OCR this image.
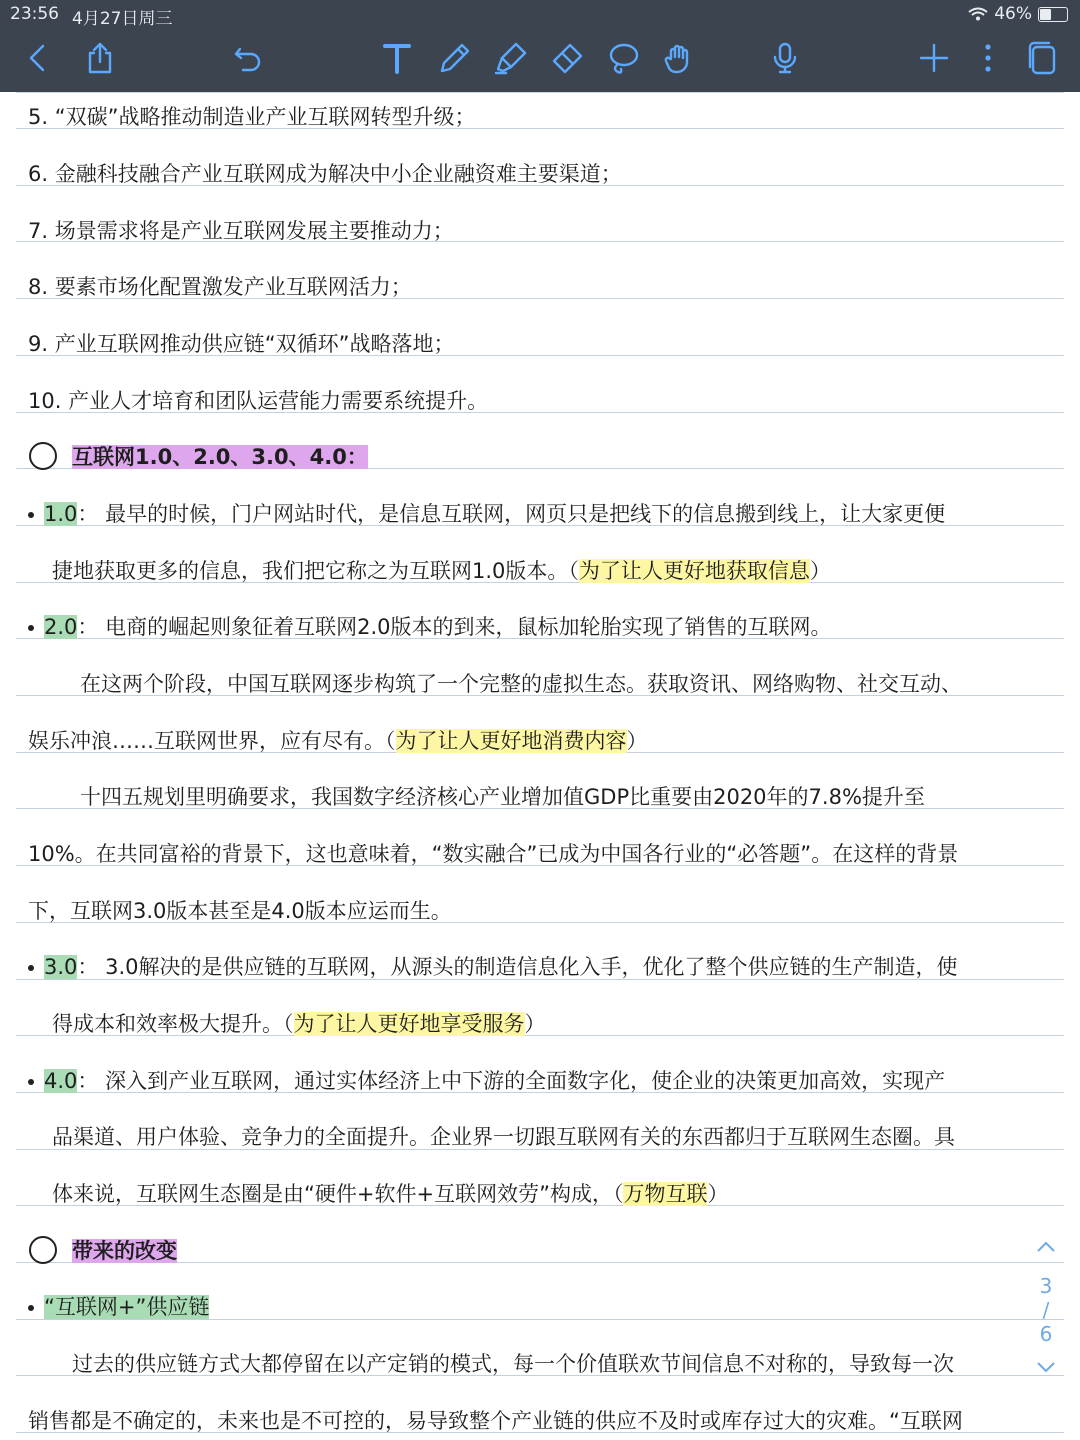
23:56 4月27日周三	46%
5. “双碳”战略推动制造业产业互联网转型升级；
6. 金融科技融合产业互联网成为解决中小企业融资难主要渠道；
7. 场景需求将是产业互联网发展主要推动力；
8. 要素市场化配置激发产业互联网活力；
9. 产业互联网推动供应链“双循环”战略落地；
10. 产业人才培育和团队运营能力需要系统提升。
互联网1.0、2.0、3.0、4.0：
1.0： 最早的时候，门户网站时代，是信息互联网，网页只是把线下的信息搬到线上，让大家更便
捷地获取更多的信息，我们把它称之为互联网1.0版本。（为了让人更好地获取信息）
2.0： 电商的崛起则象征着互联网2.0版本的到来，鼠标加轮胎实现了销售的互联网。
在这两个阶段，中国互联网逐步构筑了一个完整的虚拟生态。获取资讯、网络购物、社交互动、
娱乐冲浪……互联网世界，应有尽有。（为了让人更好地消费内容）
十四五规划里明确要求，我国数字经济核心产业增加值GDP比重要由2020年的7.8%提升至
10%。在共同富裕的背景下，这也意味着，“数实融合”已成为中国各行业的“必答题”。在这样的背景
下，互联网3.0版本甚至是4.0版本应运而生。
3.0： 3.0解决的是供应链的互联网，从源头的制造信息化入手，优化了整个供应链的生产制造，使
得成本和效率极大提升。（为了让人更好地享受服务）
4.0： 深入到产业互联网，通过实体经济上中下游的全面数字化，使企业的决策更加高效，实现产
品渠道、用户体验、竞争力的全面提升。企业界一切跟互联网有关的东西都归于互联网生态圈。具
体来说，互联网生态圈是由“硬件+软件+互联网效劳”构成，（万物互联）
带来的改变
“互联网+”供应链
过去的供应链方式大都停留在以产定销的模式，每一个价值联欢节间信息不对称的，导致每一次
销售都是不确定的，未来也是不可控的，易导致整个产业链的供应不及时或库存过大的灾难。“互联网
3
/
6
